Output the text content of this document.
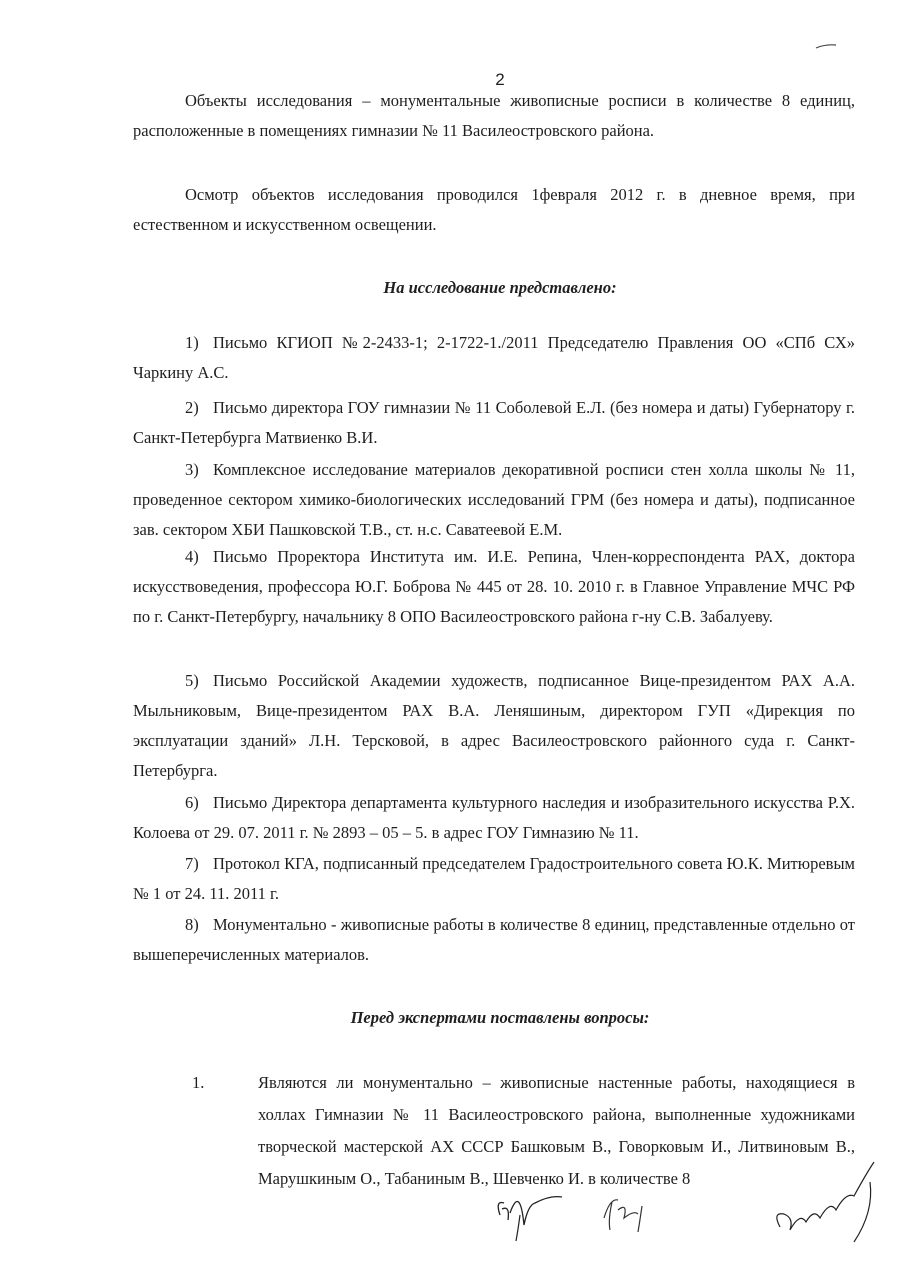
2
Объекты исследования – монументальные живописные росписи в количестве 8 единиц, расположенные в помещениях гимназии № 11 Василеостровского района.
Осмотр объектов исследования проводился 1февраля 2012 г. в дневное время, при естественном и искусственном освещении.
На исследование представлено:
1) Письмо КГИОП №2-2433-1; 2-1722-1./2011 Председателю Правления ОО «СПб СХ» Чаркину А.С.
2) Письмо директора ГОУ гимназии № 11 Соболевой Е.Л. (без номера и даты) Губернатору г. Санкт-Петербурга Матвиенко В.И.
3) Комплексное исследование материалов декоративной росписи стен холла школы № 11, проведенное сектором химико-биологических исследований ГРМ (без номера и даты), подписанное зав. сектором ХБИ Пашковской Т.В., ст. н.с. Саватеевой Е.М.
4) Письмо Проректора Института им. И.Е. Репина, Член-корреспондента РАХ, доктора искусствоведения, профессора Ю.Г. Боброва № 445 от 28. 10. 2010 г. в Главное Управление МЧС РФ по г. Санкт-Петербургу, начальнику 8 ОПО Василеостровского района г-ну С.В. Забалуеву.
5) Письмо Российской Академии художеств, подписанное Вице-президентом РАХ А.А. Мыльниковым, Вице-президентом РАХ В.А. Леняшиным, директором ГУП «Дирекция по эксплуатации зданий» Л.Н. Терсковой, в адрес Василеостровского районного суда г. Санкт-Петербурга.
6) Письмо Директора департамента культурного наследия и изобразительного искусства Р.Х. Колоева от 29. 07. 2011 г. № 2893 – 05 – 5. в адрес ГОУ Гимназию № 11.
7) Протокол КГА, подписанный председателем Градостроительного совета Ю.К. Митюревым № 1 от 24. 11. 2011 г.
8) Монументально - живописные работы в количестве 8 единиц, представленные отдельно от вышеперечисленных материалов.
Перед экспертами поставлены вопросы:
1.	Являются ли монументально – живописные настенные работы, находящиеся в холлах Гимназии № 11 Василеостровского района, выполненные художниками творческой мастерской АХ СССР Башковым В., Говорковым И., Литвиновым В., Марушкиным О., Табаниным В., Шевченко И. в количестве 8
